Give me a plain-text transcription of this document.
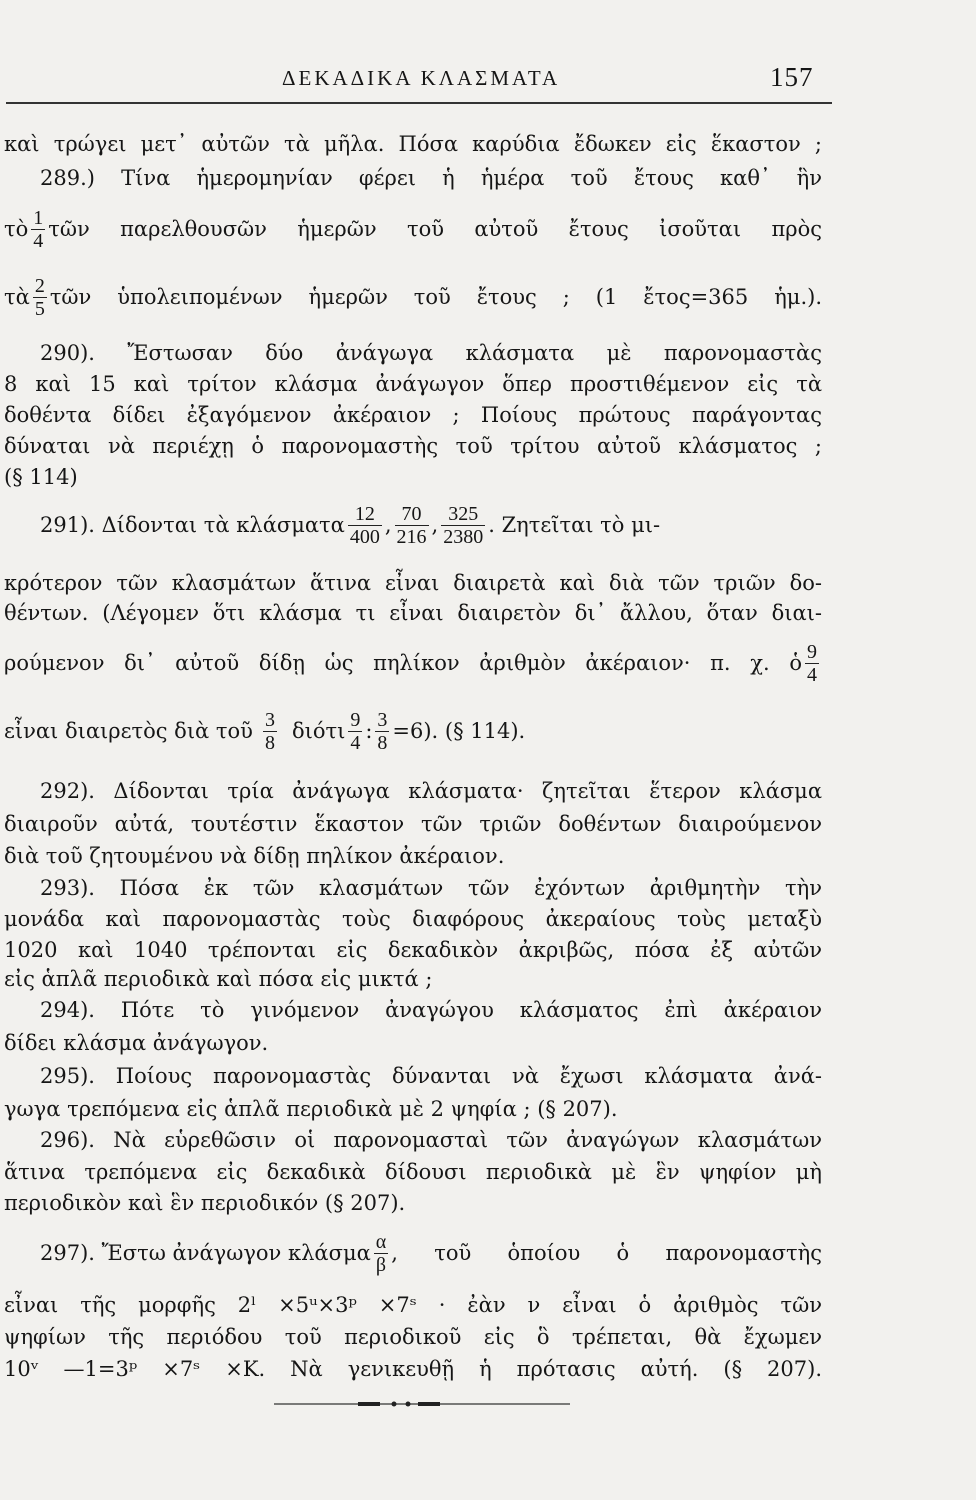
ΔΕΚΑΔΙΚΑ ΚΛΑΣΜΑΤΑ	157
καὶ τρώγει μετ᾽ αὐτῶν τὰ μῆλα. Πόσα καρύδια ἔδωκεν εἰς ἕκαστον ;
289.) Τίνα ἡμερομηνίαν φέρει ἡ ἡμέρα τοῦ ἔτους καθ᾽ ἣν
τὸ $\frac{1}{4}$ τῶν παρελθουσῶν ἡμερῶν τοῦ αὐτοῦ ἔτους ἰσοῦται πρὸς
τὰ $\frac{2}{5}$ τῶν ὑπολειπομένων ἡμερῶν τοῦ ἔτους ; (1 ἔτος=365 ἡμ.).
290). Ἔστωσαν δύο ἀνάγωγα κλάσματα μὲ παρονομαστὰς
8 καὶ 15 καὶ τρίτον κλάσμα ἀνάγωγον ὅπερ προστιθέμενον εἰς τὰ
δοθέντα δίδει ἐξαγόμενον ἀκέραιον ; Ποίους πρώτους παράγοντας
δύναται νὰ περιέχῃ ὁ παρονομαστὴς τοῦ τρίτου αὐτοῦ κλάσματος ;
(§ 114)
291). Δίδονται τὰ κλάσματα $\frac{12}{400}$ , $\frac{70}{216}$ , $\frac{325}{2380}$ . Ζητεῖται τὸ μι-
κρότερον τῶν κλασμάτων ἅτινα εἶναι διαιρετὰ καὶ διὰ τῶν τριῶν δο-
θέντων. (Λέγομεν ὅτι κλάσμα τι εἶναι διαιρετὸν δι᾽ ἄλλου, ὅταν διαι-
ρούμενον δι᾽ αὐτοῦ δίδῃ ὡς πηλίκον ἀριθμὸν ἀκέραιον· π. χ. ὁ $\frac{9}{4}$
εἶναι διαιρετὸς διὰ τοῦ $\frac{3}{8}$ διότι $\frac{9}{4}$ : $\frac{3}{8} =6$). (§ 114).
292). Δίδονται τρία ἀνάγωγα κλάσματα· ζητεῖται ἕτερον κλάσμα
διαιροῦν αὐτά, τουτέστιν ἕκαστον τῶν τριῶν δοθέντων διαιρούμενον
διὰ τοῦ ζητουμένου νὰ δίδῃ πηλίκον ἀκέραιον.
293). Πόσα ἐκ τῶν κλασμάτων τῶν ἐχόντων ἀριθμητὴν τὴν
μονάδα καὶ παρονομαστὰς τοὺς διαφόρους ἀκεραίους τοὺς μεταξὺ
1020 καὶ 1040 τρέπονται εἰς δεκαδικὸν ἀκριβῶς, πόσα ἐξ αὐτῶν
εἰς ἁπλᾶ περιοδικὰ καὶ πόσα εἰς μικτά ;
294). Πότε τὸ γινόμενον ἀναγώγου κλάσματος ἐπὶ ἀκέραιον
δίδει κλάσμα ἀνάγωγον.
295). Ποίους παρονομαστὰς δύνανται νὰ ἔχωσι κλάσματα ἀνά-
γωγα τρεπόμενα εἰς ἁπλᾶ περιοδικὰ μὲ 2 ψηφία ; (§ 207).
296). Νὰ εὑρεθῶσιν οἱ παρονομασταὶ τῶν ἀναγώγων κλασμάτων
ἅτινα τρεπόμενα εἰς δεκαδικὰ δίδουσι περιοδικὰ μὲ ἓν ψηφίον μὴ
περιοδικὸν καὶ ἓν περιοδικόν (§ 207).
297). Ἔστω ἀνάγωγον κλάσμα $\frac{\alpha}{\beta}$ , τοῦ ὁποίου ὁ παρονομαστὴς
εἶναι τῆς μορφῆς 2ˡ ×5ᵘ×3ᵖ ×7ˢ · ἐὰν ν εἶναι ὁ ἀριθμὸς τῶν
ψηφίων τῆς περιόδου τοῦ περιοδικοῦ εἰς ὃ τρέπεται, θὰ ἔχωμεν
10ᵛ —1=3ᵖ ×7ˢ ×Κ. Νὰ γενικευθῇ ἡ πρότασις αὐτή. (§ 207).
